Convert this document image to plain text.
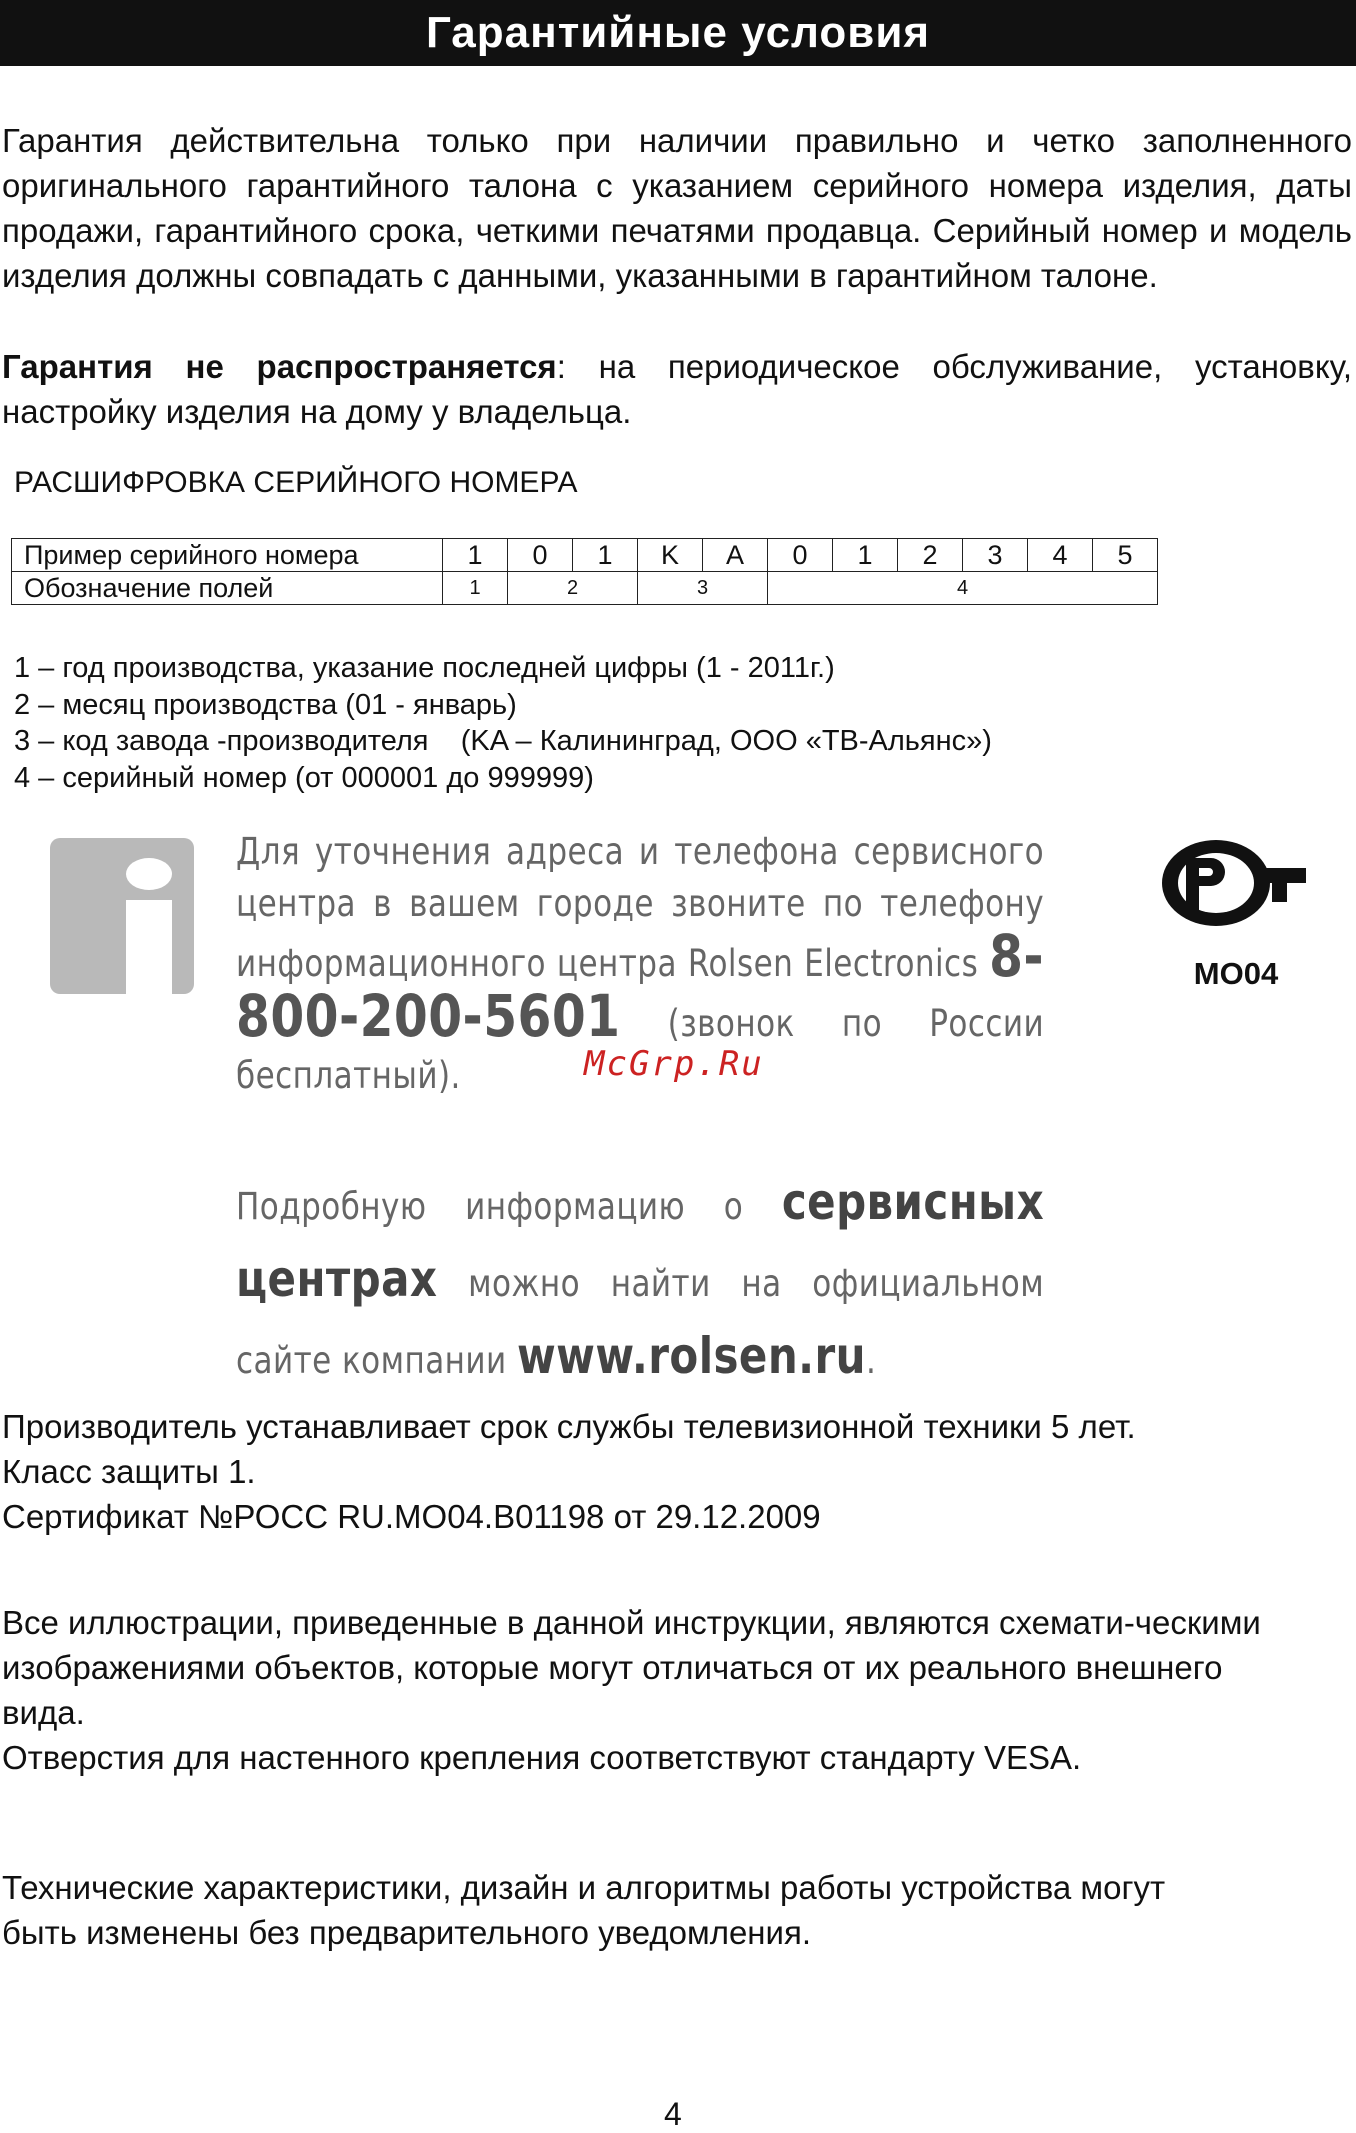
Гарантийные условия

Гарантия действительна только при наличии правильно и четко заполненного оригинального гарантийного талона с указанием серийного номера изделия, даты продажи, гарантийного срока, четкими печатями продавца. Серийный номер и модель изделия должны совпадать с данными, указанными в гарантийном талоне.

Гарантия не распространяется: на периодическое обслуживание, установку, настройку изделия на дому у владельца.

РАСШИФРОВКА СЕРИЙНОГО НОМЕРА
Пример серийного номера	1	0	1	K	A	0	1	2	3	4	5
Обозначение полей	1	2		3		4					
1 – год производства, указание последней цифры (1 - 2011г.)
2 – месяц производства (01 - январь)
3 – код завода -производителя    (KA – Калининград, ООО «ТВ-Альянс»)
4 – серийный номер (от 000001 до 999999)
Для уточнения адреса и телефона сервисного центра в вашем городе звоните по телефону информационного центра Rolsen Electronics 8-800-200-5601 (звонок по России бесплатный).	McGrp.Ru
Подробную информацию о сервисных центрах можно найти на официальном сайте компании www.rolsen.ru.
MO04

Производитель устанавливает срок службы телевизионной техники 5 лет.

Класс защиты 1.

Сертификат №РОСС RU.МО04.В01198 от 29.12.2009

Все иллюстрации, приведенные в данной инструкции, являются схемати-ческими изображениями объектов, которые могут отличаться от их реального внешнего вида.

Отверстия для настенного крепления соответствуют стандарту VESA.

Технические характеристики, дизайн и алгоритмы работы устройства могут быть изменены без предварительного уведомления.

4
